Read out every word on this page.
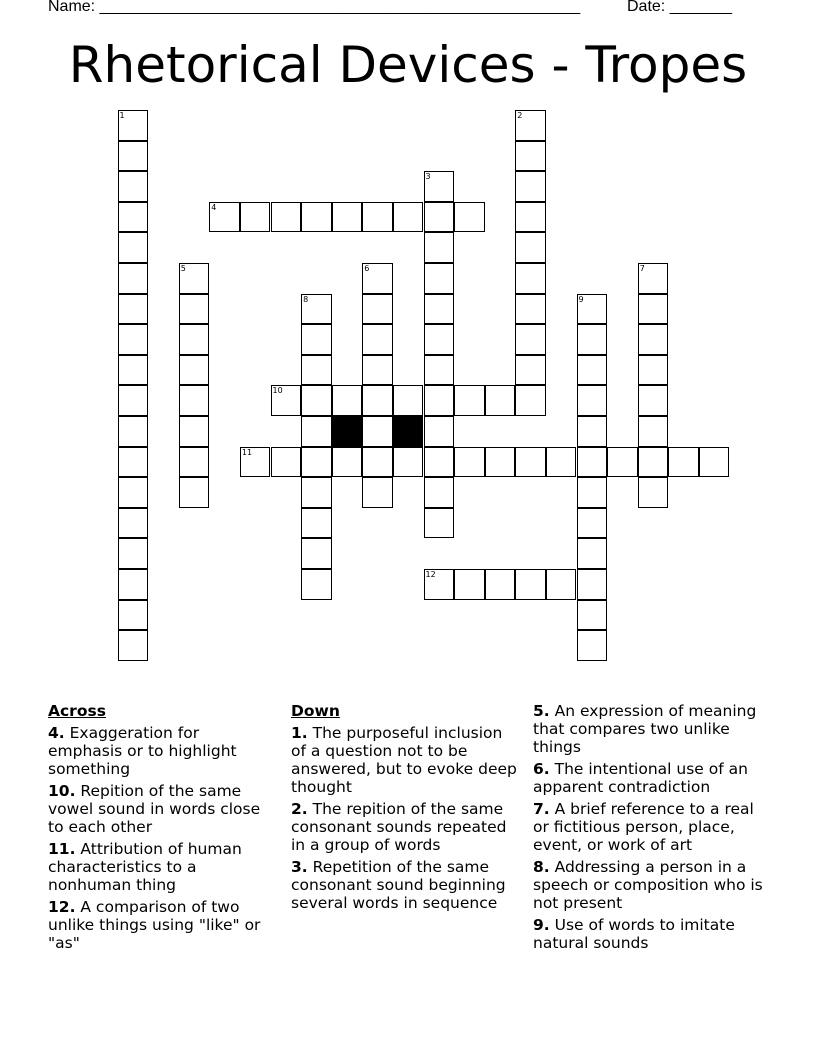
Name: ______________________________________________________	Date: _______
Rhetorical Devices - Tropes
1	2
3
4
5	6	7
8	9
10
11
12
Across
4. Exaggeration for emphasis or to highlight something
10. Repition of the same vowel sound in words close to each other
11. Attribution of human characteristics to a nonhuman thing
12. A comparison of two unlike things using "like" or "as"
Down
1. The purposeful inclusion of a question not to be answered, but to evoke deep thought
2. The repition of the same consonant sounds repeated in a group of words
3. Repetition of the same consonant sound beginning several words in sequence
5. An expression of meaning that compares two unlike things
6. The intentional use of an apparent contradiction
7. A brief reference to a real or fictitious person, place, event, or work of art
8. Addressing a person in a speech or composition who is not present
9. Use of words to imitate natural sounds
